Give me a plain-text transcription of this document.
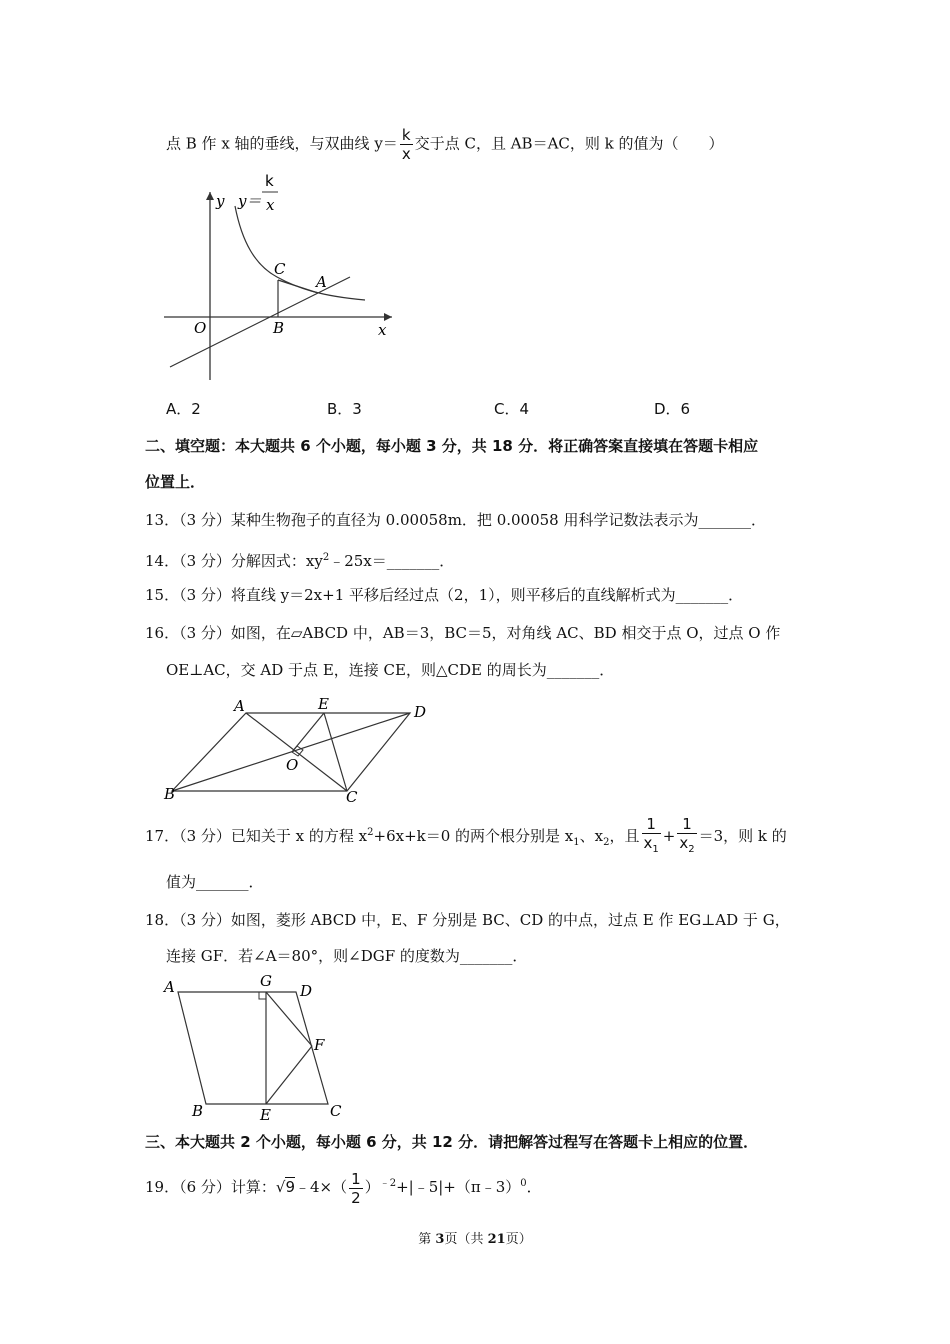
点 B 作 x 轴的垂线，与双曲线 $y= \frac{k}{x}$ 交于点 C，且 AB＝AC，则 k 的值为（　　）
y y＝
k
x
C
A
O	B	x
A．2	B．3	C．4	D．6
二、填空题：本大题共 6 个小题，每小题 3 分，共 18 分．将正确答案直接填在答题卡相应
位置上．
13．（3 分）某种生物孢子的直径为 0.00058m．把 0.00058 用科学记数法表示为_______．
14．（3 分）分解因式：$xy^2﹣25x=\_\_\_\_\_\_\_$．
15．（3 分）将直线 y＝2x+1 平移后经过点（2，1），则平移后的直线解析式为_______．
16．（3 分）如图，在▱ABCD 中，AB＝3，BC＝5，对角线 AC、BD 相交于点 O，过点 O 作
OE⊥AC，交 AD 于点 E，连接 CE，则△CDE 的周长为_______．
A	E	D
O
B	C
17．（3 分）已知关于 x 的方程 $x^2+6x+k=0$ 的两个根分别是 $x_1$、$x_2$，且 $\frac{1}{x_1} + \frac{1}{x_2} =3$，则 k 的
值为_______．
18．（3 分）如图，菱形 ABCD 中，E、F 分别是 BC、CD 的中点，过点 E 作 EG⊥AD 于 G，
连接 GF．若∠A＝80°，则∠DGF 的度数为_______．
A	G
D
F
B	E	C
三、本大题共 2 个小题，每小题 6 分，共 12 分．请把解答过程写在答题卡上相应的位置．
19．（6 分）计算：√9﹣4×（ $\frac{1}{2}$ ）$^{﹣2}$+|﹣5|+（π﹣3）$^0$．
第 3页（共 21页）
